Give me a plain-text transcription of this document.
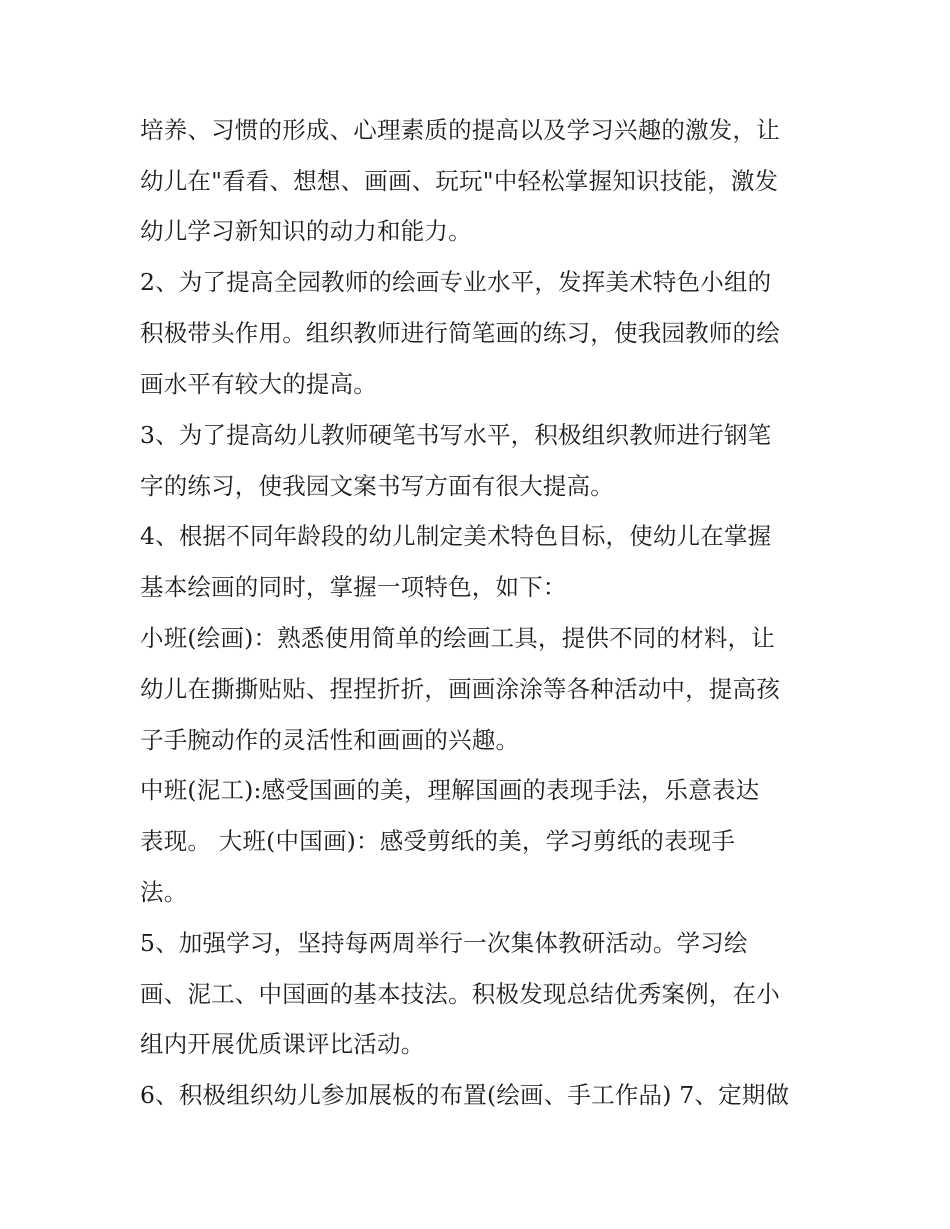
培养、习惯的形成、心理素质的提高以及学习兴趣的激发，让
幼儿在"看看、想想、画画、玩玩"中轻松掌握知识技能，激发
幼儿学习新知识的动力和能力。
2、为了提高全园教师的绘画专业水平，发挥美术特色小组的
积极带头作用。组织教师进行简笔画的练习，使我园教师的绘
画水平有较大的提高。
3、为了提高幼儿教师硬笔书写水平，积极组织教师进行钢笔
字的练习，使我园文案书写方面有很大提高。
4、根据不同年龄段的幼儿制定美术特色目标，使幼儿在掌握
基本绘画的同时，掌握一项特色，如下：
小班(绘画)：熟悉使用简单的绘画工具，提供不同的材料，让
幼儿在撕撕贴贴、捏捏折折，画画涂涂等各种活动中，提高孩
子手腕动作的灵活性和画画的兴趣。
中班(泥工):感受国画的美，理解国画的表现手法，乐意表达
表现。 大班(中国画)：感受剪纸的美，学习剪纸的表现手
法。
5、加强学习，坚持每两周举行一次集体教研活动。学习绘
画、泥工、中国画的基本技法。积极发现总结优秀案例，在小
组内开展优质课评比活动。
6、积极组织幼儿参加展板的布置(绘画、手工作品) 7、定期做
